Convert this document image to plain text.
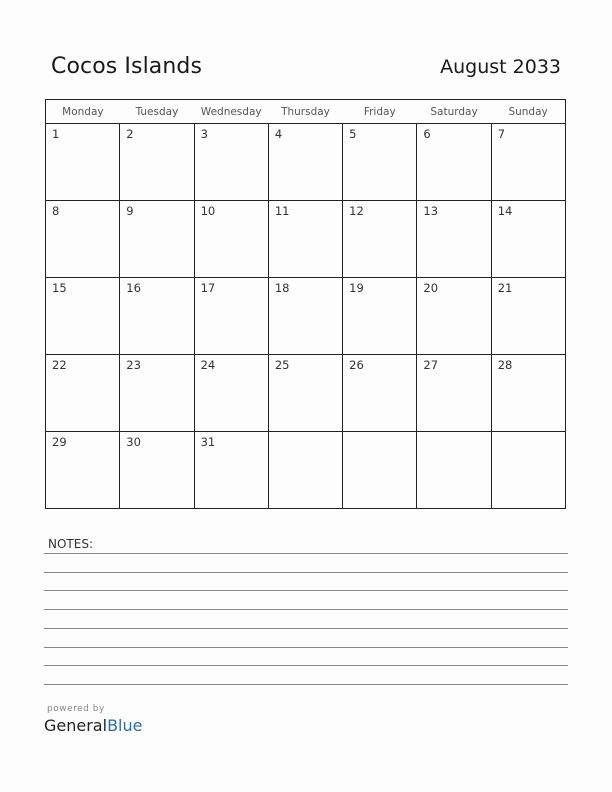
Cocos Islands	August 2033
Monday	Tuesday	Wednesday	Thursday	Friday	Saturday	Sunday

1	2	3	4	5	6	7

8	9	10	11	12	13	14

15	16	17	18	19	20	21

22	23	24	25	26	27	28

29	30	31				

NOTES:
powered by
GeneralBlue
